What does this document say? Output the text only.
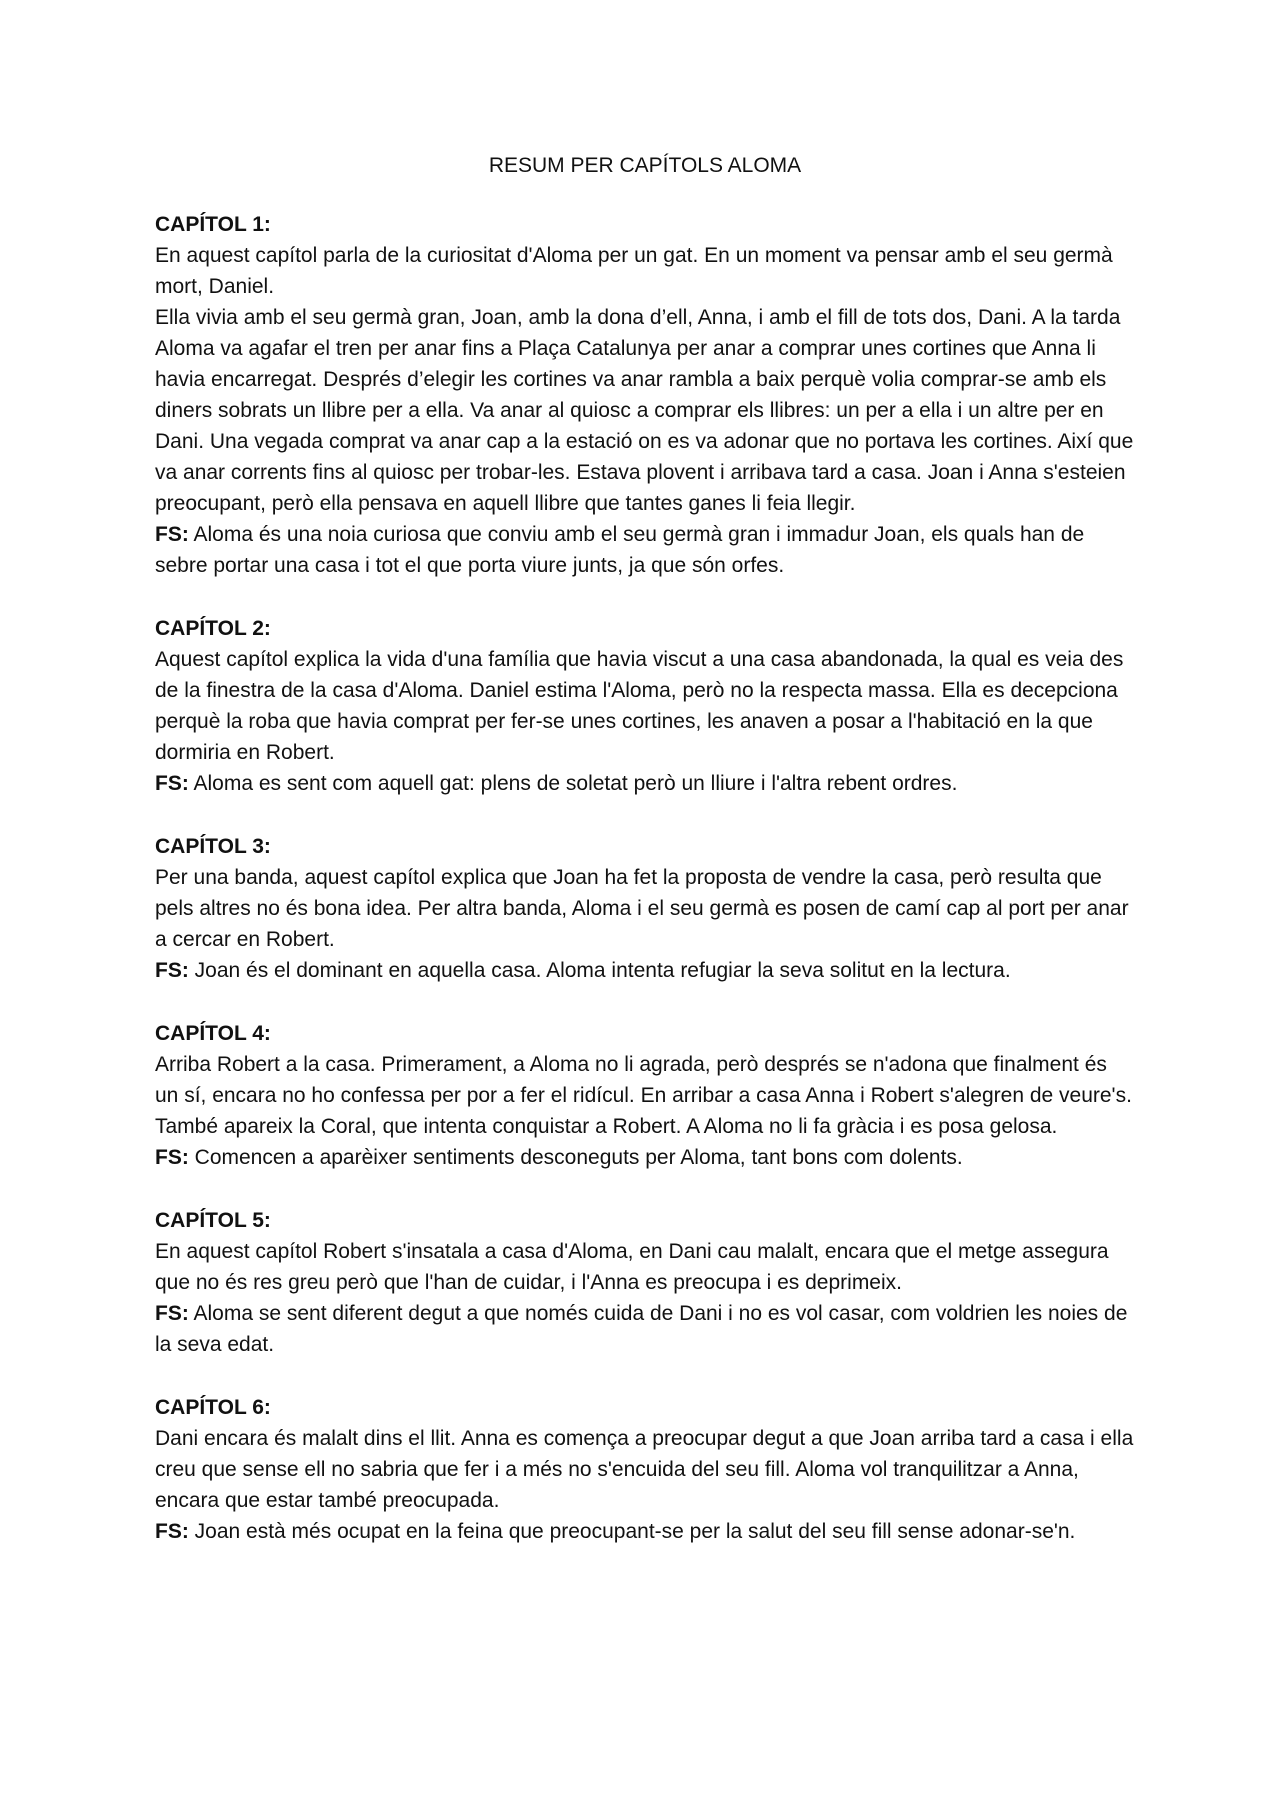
RESUM PER CAPÍTOLS ALOMA

CAPÍTOL 1:

En aquest capítol parla de la curiositat d'Aloma per un gat. En un moment va pensar amb el seu germà mort, Daniel.

Ella vivia amb el seu germà gran, Joan, amb la dona d’ell, Anna, i amb el fill de tots dos, Dani. A la tarda Aloma va agafar el tren per anar fins a Plaça Catalunya per anar a comprar unes cortines que Anna li havia encarregat. Després d’elegir les cortines va anar rambla a baix perquè volia comprar-se amb els diners sobrats un llibre per a ella. Va anar al quiosc a comprar els llibres: un per a ella i un altre per en Dani. Una vegada comprat va anar cap a la estació on es va adonar que no portava les cortines. Així que va anar corrents fins al quiosc per trobar-les. Estava plovent i arribava tard a casa. Joan i Anna s'esteien preocupant, però ella pensava en aquell llibre que tantes ganes li feia llegir.

FS: Aloma és una noia curiosa que conviu amb el seu germà gran i immadur Joan, els quals han de sebre portar una casa i tot el que porta viure junts, ja que són orfes.

CAPÍTOL 2:

Aquest capítol explica la vida d'una família que havia viscut a una casa abandonada, la qual es veia des de la finestra de la casa d'Aloma. Daniel estima l'Aloma, però no la respecta massa. Ella es decepciona perquè la roba que havia comprat per fer-se unes cortines, les anaven a posar a l'habitació en la que dormiria en Robert.

FS: Aloma es sent com aquell gat: plens de soletat però un lliure i l'altra rebent ordres.

CAPÍTOL 3:

Per una banda, aquest capítol explica que Joan ha fet la proposta de vendre la casa, però resulta que pels altres no és bona idea. Per altra banda, Aloma i el seu germà es posen de camí cap al port per anar a cercar en Robert.

FS: Joan és el dominant en aquella casa. Aloma intenta refugiar la seva solitut en la lectura.

CAPÍTOL 4:

Arriba Robert a la casa. Primerament, a Aloma no li agrada, però després se n'adona que finalment és un sí, encara no ho confessa per por a fer el ridícul. En arribar a casa Anna i Robert s'alegren de veure's. També apareix la Coral, que intenta conquistar a Robert. A Aloma no li fa gràcia i es posa gelosa.

FS: Comencen a aparèixer sentiments desconeguts per Aloma, tant bons com dolents.

CAPÍTOL 5:

En aquest capítol Robert s'insatala a casa d'Aloma, en Dani cau malalt, encara que el metge assegura que no és res greu però que l'han de cuidar, i l'Anna es preocupa i es deprimeix.

FS: Aloma se sent diferent degut a que només cuida de Dani i no es vol casar, com voldrien les noies de la seva edat.

CAPÍTOL 6:

Dani encara és malalt dins el llit. Anna es comença a preocupar degut a que Joan arriba tard a casa i ella creu que sense ell no sabria que fer i a més no s'encuida del seu fill. Aloma vol tranquilitzar a Anna, encara que estar també preocupada.

FS: Joan està més ocupat en la feina que preocupant-se per la salut del seu fill sense adonar-se'n.
